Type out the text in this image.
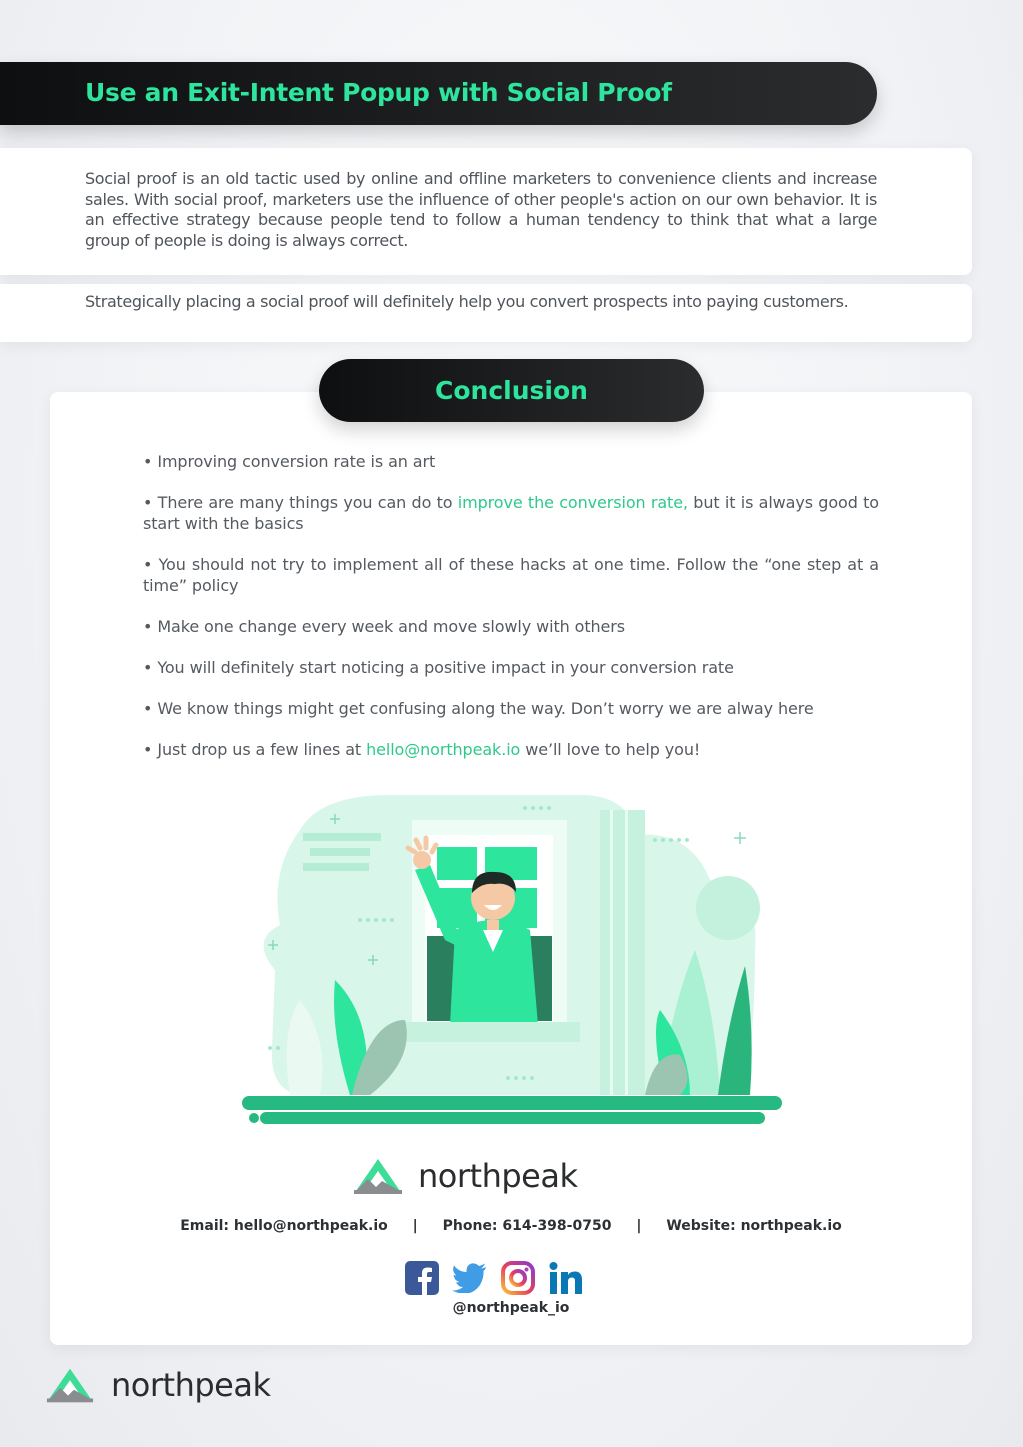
Use an Exit-Intent Popup with Social Proof

Social proof is an old tactic used by online and offline marketers to convenience clients and increase sales. With social proof, marketers use the influence of other people's action on our own behavior. It is an effective strategy because people tend to follow a human tendency to think that what a large group of people is doing is always correct.

Strategically placing a social proof will definitely help you convert prospects into paying customers.

Conclusion

• Improving conversion rate is an art

• There are many things you can do to improve the conversion rate, but it is always good to start with the basics

• You should not try to implement all of these hacks at one time. Follow the “one step at a time” policy

• Make one change every week and move slowly with others

• You will definitely start noticing a positive impact in your conversion rate

• We know things might get confusing along the way. Don’t worry we are alway here

• Just drop us a few lines at hello@northpeak.io we’ll love to help you!

northpeak
Email: hello@northpeak.io | Phone: 614-398-0750 | Website: northpeak.io
@northpeak_io
northpeak
